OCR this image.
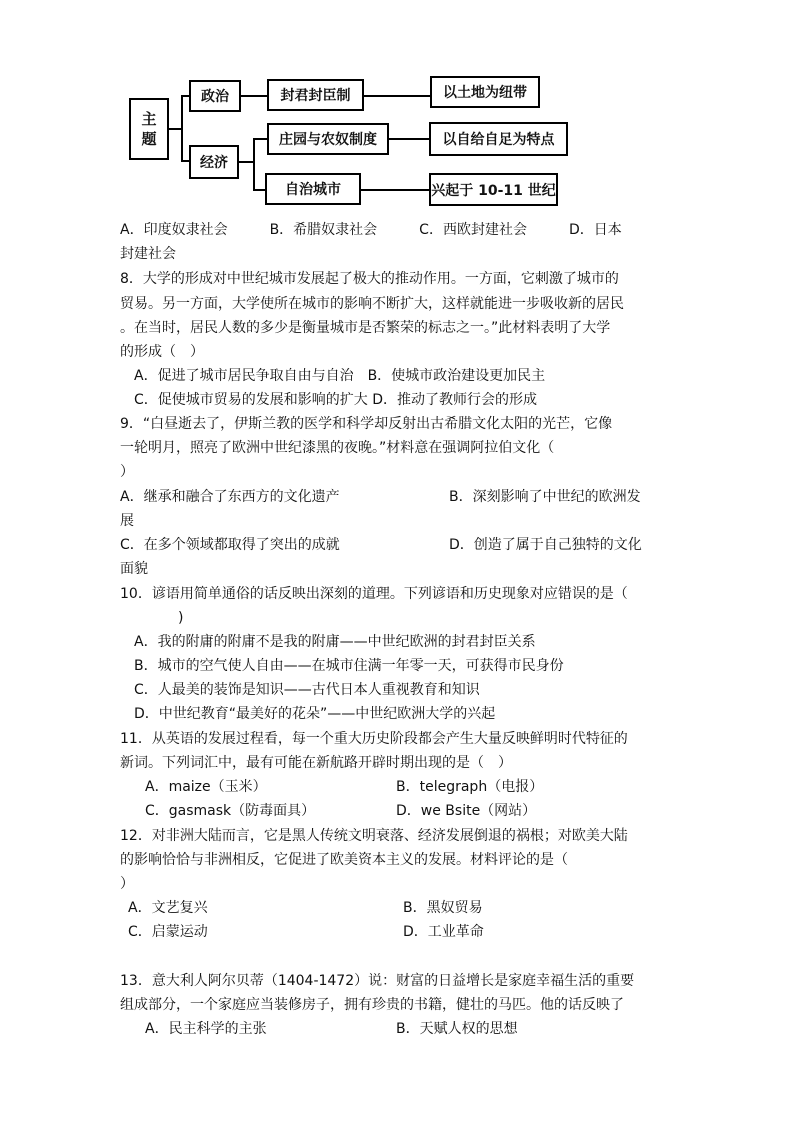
主
题
政治
经济
封君封臣制	以土地为纽带
庄园与农奴制度	以自给自足为特点
自治城市	兴起于 10-11 世纪
A．印度奴隶社会　　　B．希腊奴隶社会　　　C．西欧封建社会　　　D．日本
封建社会
8．大学的形成对中世纪城市发展起了极大的推动作用。一方面，它刺激了城市的
贸易。另一方面，大学使所在城市的影响不断扩大，这样就能进一步吸收新的居民
。在当时，居民人数的多少是衡量城市是否繁荣的标志之一。”此材料表明了大学
的形成（　）
A．促进了城市居民争取自由与自治　B．使城市政治建设更加民主
C．促使城市贸易的发展和影响的扩大 D．推动了教师行会的形成
9．“白昼逝去了，伊斯兰教的医学和科学却反射出古希腊文化太阳的光芒，它像
一轮明月，照亮了欧洲中世纪漆黑的夜晚。”材料意在强调阿拉伯文化（
）
A．继承和融合了东西方的文化遗产	B．深刻影响了中世纪的欧洲发
展
C．在多个领域都取得了突出的成就	D．创造了属于自己独特的文化
面貌
10．谚语用简单通俗的话反映出深刻的道理。下列谚语和历史现象对应错误的是（
)
A．我的附庸的附庸不是我的附庸——中世纪欧洲的封君封臣关系
B．城市的空气使人自由——在城市住满一年零一天，可获得市民身份
C．人最美的装饰是知识——古代日本人重视教育和知识
D．中世纪教育“最美好的花朵”——中世纪欧洲大学的兴起
11．从英语的发展过程看，每一个重大历史阶段都会产生大量反映鲜明时代特征的
新词。下列词汇中，最有可能在新航路开辟时期出现的是（　）
A．maize（玉米）	B．telegraph（电报）
C．gasmask（防毒面具）	D．we Bsite（网站）
12．对非洲大陆而言，它是黑人传统文明衰落、经济发展倒退的祸根；对欧美大陆
的影响恰恰与非洲相反，它促进了欧美资本主义的发展。材料评论的是（
）
A．文艺复兴	B．黑奴贸易
C．启蒙运动	D．工业革命
13．意大利人阿尔贝蒂（1404-1472）说：财富的日益增长是家庭幸福生活的重要
组成部分，一个家庭应当装修房子，拥有珍贵的书籍，健壮的马匹。他的话反映了
A．民主科学的主张	B．天赋人权的思想
